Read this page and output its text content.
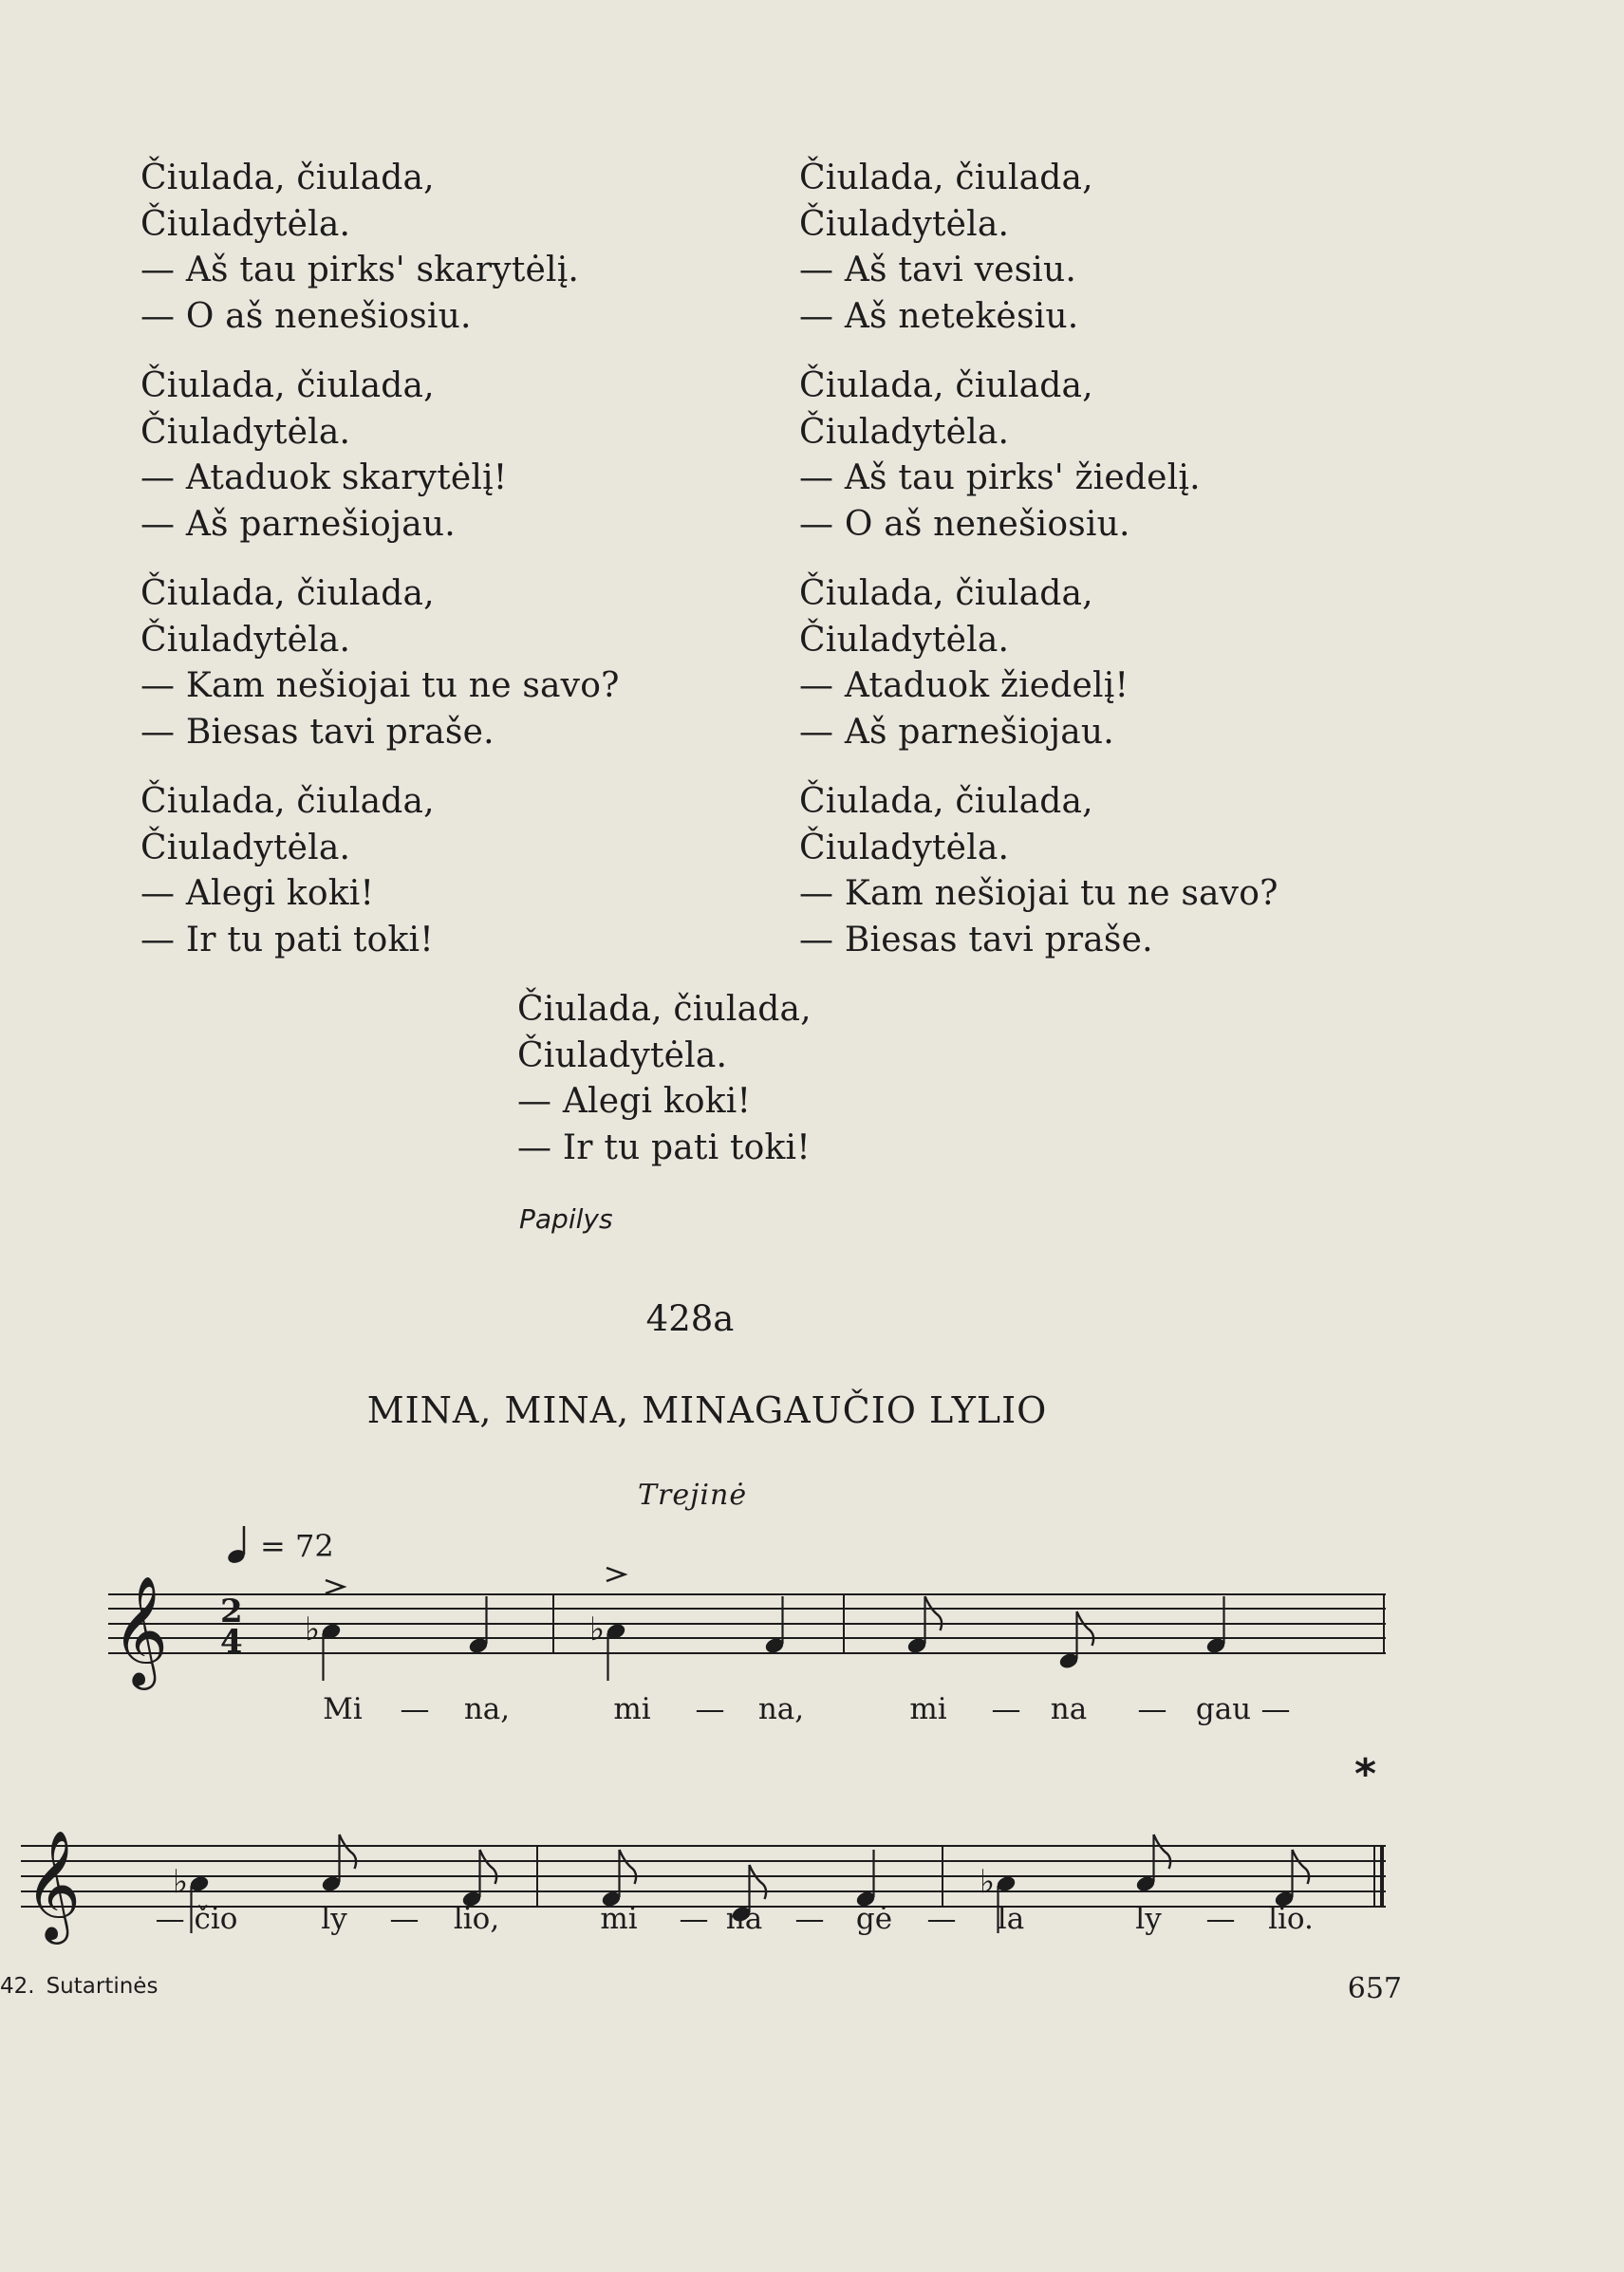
Čiulada, čiulada,
Čiuladytėla.
— Aš tau pirks' skarytėlį.
— O aš nenešiosiu.
Čiulada, čiulada,
Čiuladytėla.
— Ataduok skarytėlį!
— Aš parnešiojau.
Čiulada, čiulada,
Čiuladytėla.
— Kam nešiojai tu ne savo?
— Biesas tavi praše.
Čiulada, čiulada,
Čiuladytėla.
— Alegi koki!
— Ir tu pati toki!
Čiulada, čiulada,
Čiuladytėla.
— Aš tavi vesiu.
— Aš netekėsiu.
Čiulada, čiulada,
Čiuladytėla.
— Aš tau pirks' žiedelį.
— O aš nenešiosiu.
Čiulada, čiulada,
Čiuladytėla.
— Ataduok žiedelį!
— Aš parnešiojau.
Čiulada, čiulada,
Čiuladytėla.
— Kam nešiojai tu ne savo?
— Biesas tavi praše.
Čiulada, čiulada,
Čiuladytėla.
— Alegi koki!
— Ir tu pati toki!
Papilys
428a
MINA, MINA, MINAGAUČIO LYLIO
Trejinė
= 72
𝄞
𝄞
2
4 ♭	♭
♭	♭
*
Mi — na,	mi — na,	mi — na — gau —
— čio	ly — lio,	mi — na — gė — la	ly — lio.
42. Sutartinės	657
